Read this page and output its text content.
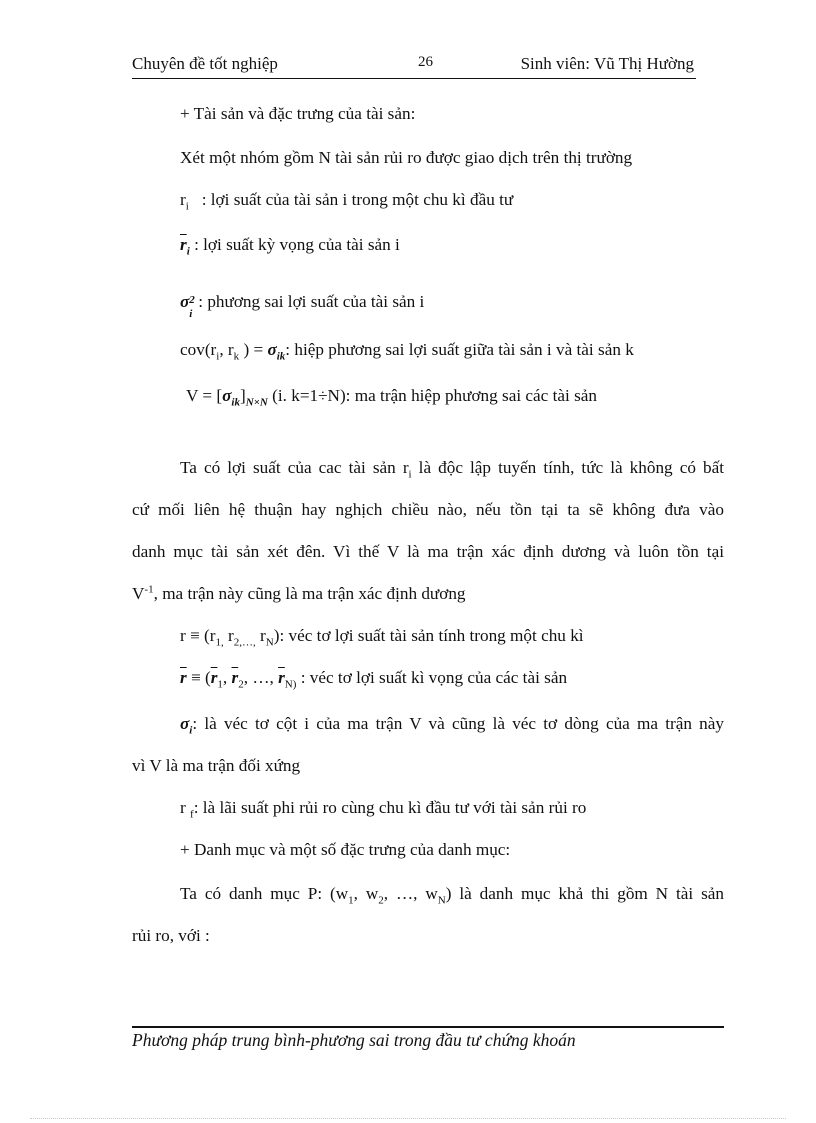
Chuyên đề tốt nghiệp	26	Sinh viên: Vũ Thị Hường
+ Tài sản và đặc trưng của tài sản:
Xét một nhóm gồm N tài sản rủi ro được giao dịch trên thị trường
$r_i$   : lợi suất của tài sản i trong một chu kì đầu tư
$\overline{r}_i$ : lợi suất kỳ vọng của tài sản i
σ 2
i
: phương sai lợi suất của tài sản i
$cov(r_i$, $r_k$ ) = $\sigma_{ik}$: hiệp phương sai lợi suất giữa tài sản i và tài sản k
$V = [\sigma_{ik}]_{N\times N}$ (i. k=1÷N): ma trận hiệp phương sai các tài sản
Ta có lợi suất của cac tài sản $r_i$ là độc lập tuyến tính, tức là không có bất
cứ mối liên hệ thuận hay nghịch chiều nào, nếu tồn tại ta sẽ không đưa vào
danh mục tài sản xét đên. Vì thế V là ma trận xác định dương và luôn tồn tại
$V^{-1}$, ma trận này cũng là ma trận xác định dương
$r \equiv (r_{1,}$ $r_{2,\dots,}$ $r_N$): véc tơ lợi suất tài sản tính trong một chu kì
$\overline{r} \equiv (\overline{r}_1$, $\overline{r}_2$, …, $\overline{r}_{N)}$ : véc tơ lợi suất kì vọng của các tài sản
$\sigma_i$: là véc tơ cột i của ma trận V và cũng là véc tơ dòng của ma trận này
vì V là ma trận đối xứng
r $_f$: là lãi suất phi rủi ro cùng chu kì đầu tư với tài sản rủi ro
+ Danh mục và một số đặc trưng của danh mục:
Ta có danh mục P: ($w_1$, $w_2$, …, $w_N$) là danh mục khả thi gồm N tài sản
rủi ro, với :
Phương pháp trung bình-phương sai trong đầu tư chứng khoán
